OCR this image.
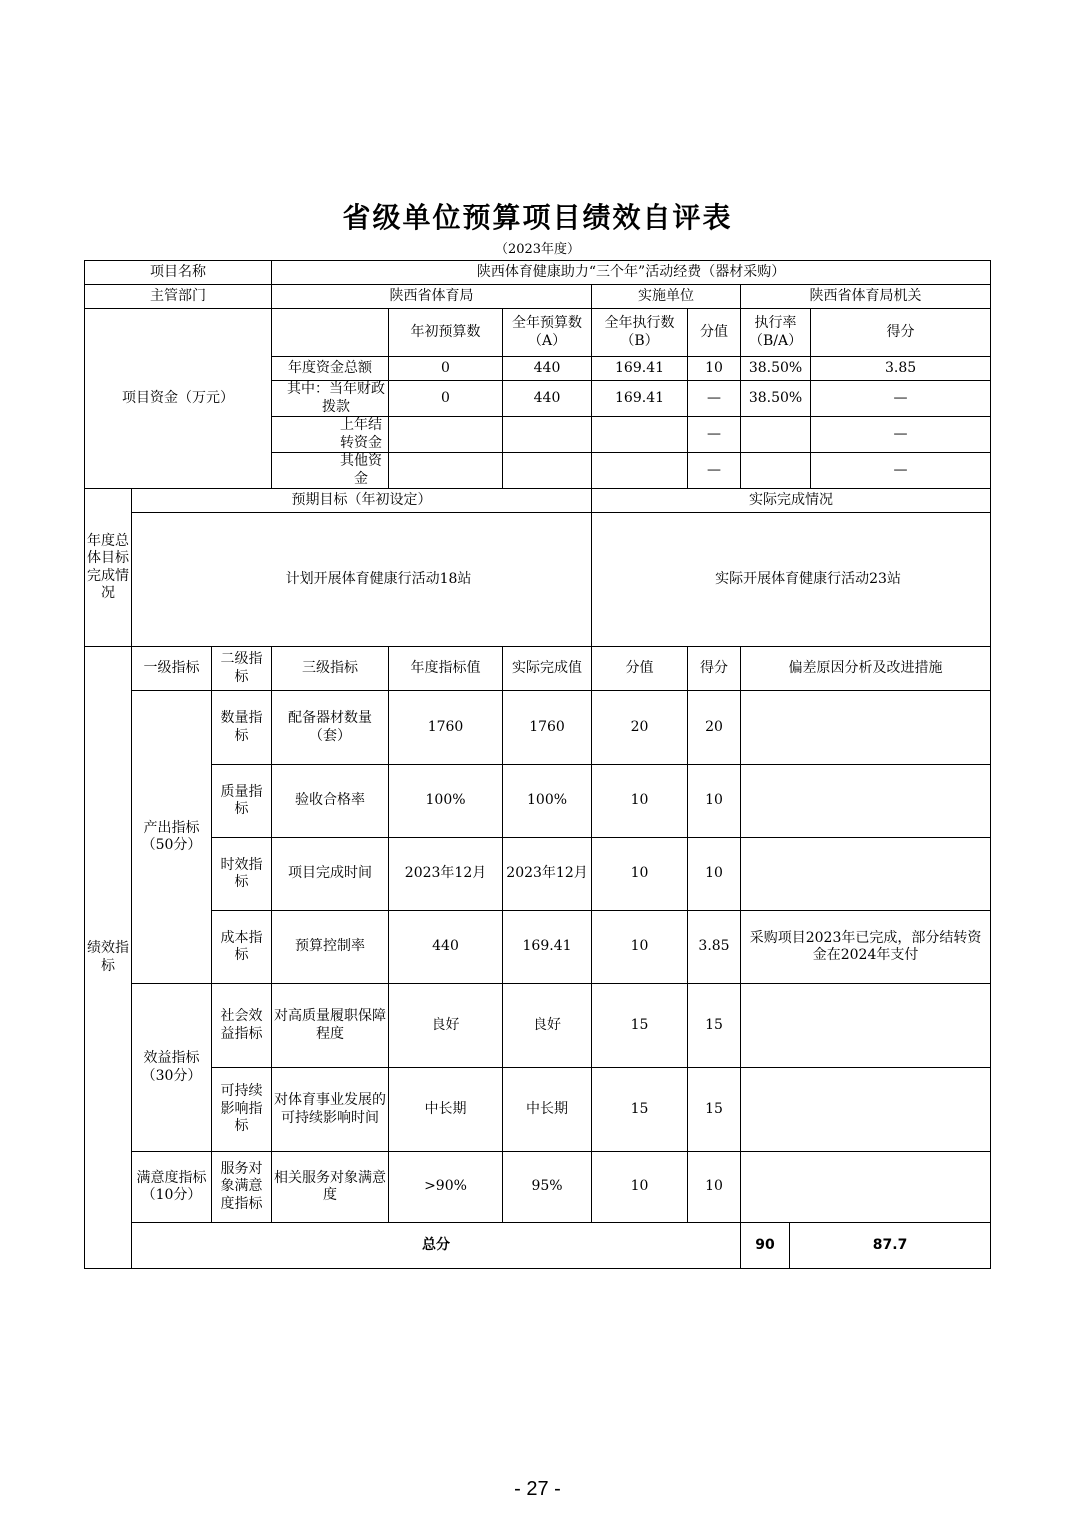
省级单位预算项目绩效自评表
（2023年度）
项目名称			陕西体育健康助力“三个年”活动经费（器材采购）								
主管部门			陕西省体育局			实施单位		陕西省体育局机关			
项目资金（万元）				年初预算数	全年预算数（A）	全年执行数（B）	分值	执行率（B/A）		得分	
			年度资金总额	0	440	169.41	10	38.50%		3.85	
			其中：当年财政拨款	0	440	169.41	—	38.50%		—	
			上年结转资金				—			—	
			其他资金				—			—	
年度总体目标完成情况	预期目标（年初设定）					实际完成情况					
	计划开展体育健康行活动18站					实际开展体育健康行活动23站					
绩效指标	一级指标	二级指标	三级指标	年度指标值	实际完成值	分值	得分	偏差原因分析及改进措施			
	产出指标（50分）	数量指标	配备器材数量（套）	1760	1760	20	20				
		质量指标	验收合格率	100%	100%	10	10				
		时效指标	项目完成时间	2023年12月	2023年12月	10	10				
		成本指标	预算控制率	440	169.41	10	3.85	采购项目2023年已完成，部分结转资金在2024年支付			
	效益指标（30分）	社会效益指标	对高质量履职保障程度	良好	良好	15	15				
		可持续影响指标	对体育事业发展的可持续影响时间	中长期	中长期	15	15				
	满意度指标（10分）	服务对象满意度指标	相关服务对象满意度	>90%	95%	10	10				
	总分							90	87.7		
- 27 -
